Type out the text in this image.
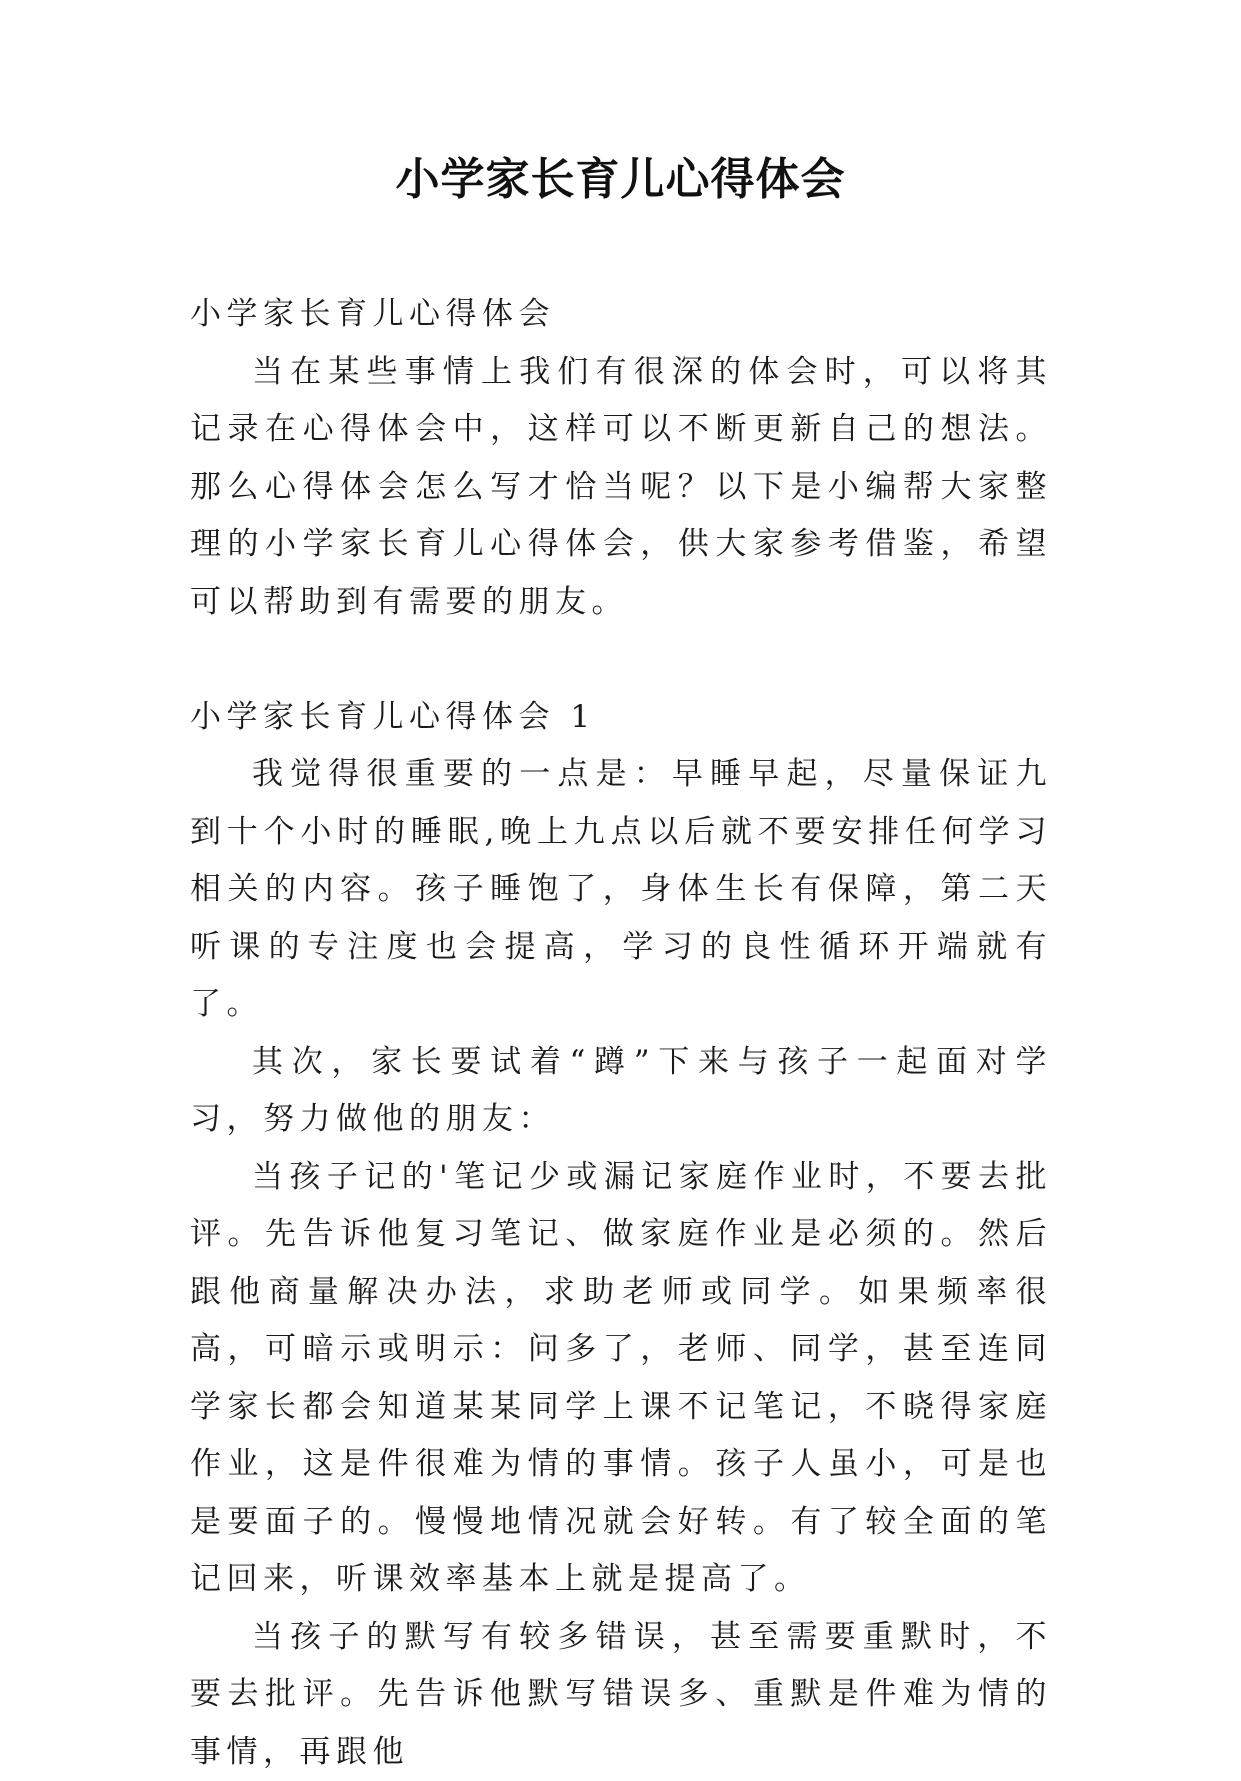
小学家长育儿心得体会

小学家长育儿心得体会

当在某些事情上我们有很深的体会时，可以将其记录在心得体会中，这样可以不断更新自己的想法。那么心得体会怎么写才恰当呢？以下是小编帮大家整理的小学家长育儿心得体会，供大家参考借鉴，希望可以帮助到有需要的朋友。

小学家长育儿心得体会 1

我觉得很重要的一点是：早睡早起，尽量保证九到十个小时的睡眠,晚上九点以后就不要安排任何学习相关的内容。孩子睡饱了，身体生长有保障，第二天听课的专注度也会提高，学习的良性循环开端就有了。

其次，家长要试着“蹲”下来与孩子一起面对学习，努力做他的朋友：

当孩子记的'笔记少或漏记家庭作业时，不要去批评。先告诉他复习笔记、做家庭作业是必须的。然后跟他商量解决办法，求助老师或同学。如果频率很高，可暗示或明示：问多了，老师、同学，甚至连同学家长都会知道某某同学上课不记笔记，不晓得家庭作业，这是件很难为情的事情。孩子人虽小，可是也是要面子的。慢慢地情况就会好转。有了较全面的笔记回来，听课效率基本上就是提高了。

当孩子的默写有较多错误，甚至需要重默时，不要去批评。先告诉他默写错误多、重默是件难为情的事情，再跟他
